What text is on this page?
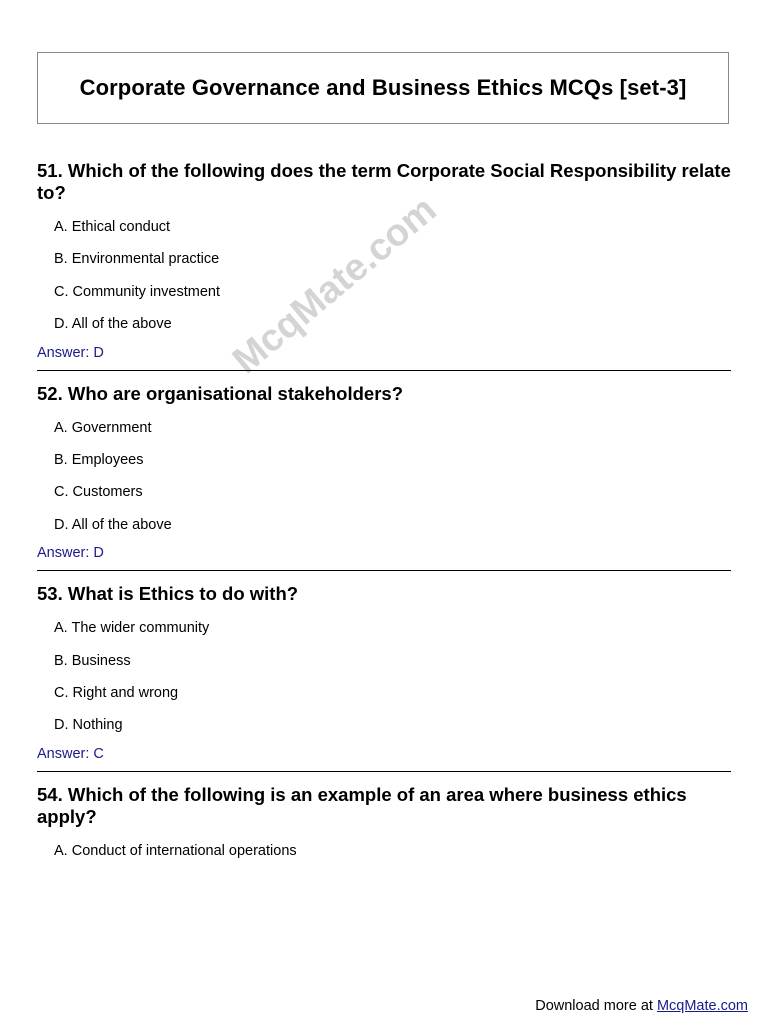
Corporate Governance and Business Ethics MCQs [set-3]
McqMate.com

51. Which of the following does the term Corporate Social Responsibility relate to?

A. Ethical conduct
B. Environmental practice
C. Community investment
D. All of the above

Answer: D

52. Who are organisational stakeholders?

A. Government
B. Employees
C. Customers
D. All of the above

Answer: D

53. What is Ethics to do with?

A. The wider community
B. Business
C. Right and wrong
D. Nothing

Answer: C

54. Which of the following is an example of an area where business ethics apply?

A. Conduct of international operations
Download more at McqMate.com
